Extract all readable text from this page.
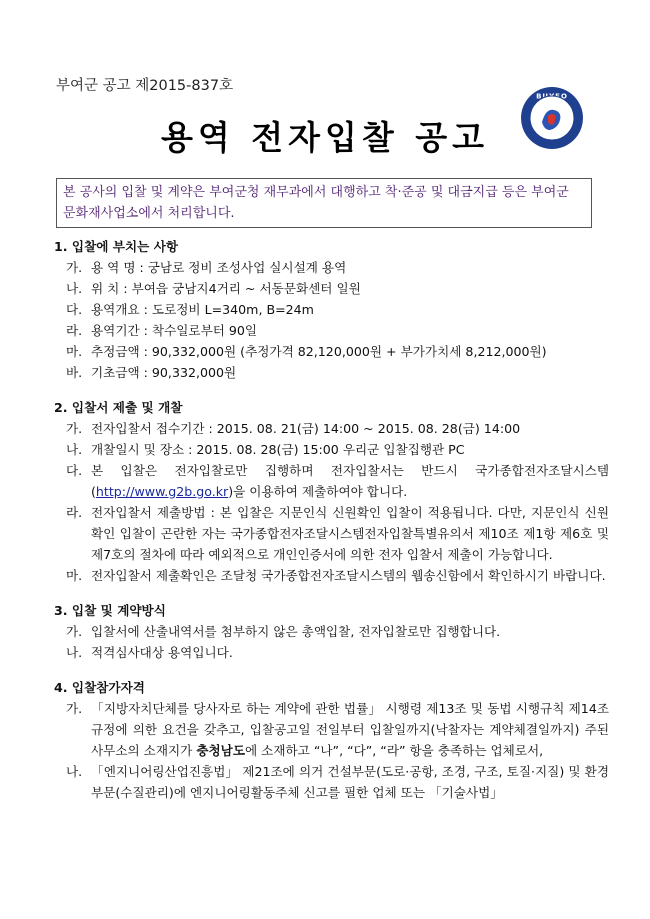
부여군 공고 제2015-837호
BUYEO
용역 전자입찰 공고
본 공사의 입찰 및 계약은 부여군청 재무과에서 대행하고 착·준공 및 대금지급 등은 부여군 문화재사업소에서 처리합니다.
1. 입찰에 부치는 사항
가. 용 역 명 : 궁남로 정비 조성사업 실시설계 용역
나. 위 치 : 부여읍 궁남지4거리 ~ 서동문화센터 일원
다. 용역개요 : 도로정비 L=340m, B=24m
라. 용역기간 : 착수일로부터 90일
마. 추정금액 : 90,332,000원 (추정가격 82,120,000원 + 부가가치세 8,212,000원)
바. 기초금액 : 90,332,000원
2. 입찰서 제출 및 개찰
가. 전자입찰서 접수기간 : 2015. 08. 21(금) 14:00 ~ 2015. 08. 28(금) 14:00
나. 개찰일시 및 장소 : 2015. 08. 28(금) 15:00 우리군 입찰집행관 PC
다. 본 입찰은 전자입찰로만 집행하며 전자입찰서는 반드시 국가종합전자조달시스템 (http://www.g2b.go.kr)을 이용하여 제출하여야 합니다.
라. 전자입찰서 제출방법 : 본 입찰은 지문인식 신원확인 입찰이 적용됩니다. 다만, 지문인식 신원확인 입찰이 곤란한 자는 국가종합전자조달시스템전자입찰특별유의서 제10조 제1항 제6호 및 제7호의 절차에 따라 예외적으로 개인인증서에 의한 전자 입찰서 제출이 가능합니다.
마. 전자입찰서 제출확인은 조달청 국가종합전자조달시스템의 웹송신함에서 확인하시기 바랍니다.
3. 입찰 및 계약방식
가. 입찰서에 산출내역서를 첨부하지 않은 총액입찰, 전자입찰로만 집행합니다.
나. 적격심사대상 용역입니다.
4. 입찰참가자격
가. 「지방자치단체를 당사자로 하는 계약에 관한 법률」 시행령 제13조 및 동법 시행규칙 제14조 규정에 의한 요건을 갖추고, 입찰공고일 전일부터 입찰일까지(낙찰자는 계약체결일까지) 주된 사무소의 소재지가 충청남도에 소재하고 “나”, “다”, “라” 항을 충족하는 업체로서,
나. 「엔지니어링산업진흥법」 제21조에 의거 건설부문(도로·공항, 조경, 구조, 토질·지질) 및 환경부문(수질관리)에 엔지니어링활동주체 신고를 필한 업체 또는 「기술사법」
